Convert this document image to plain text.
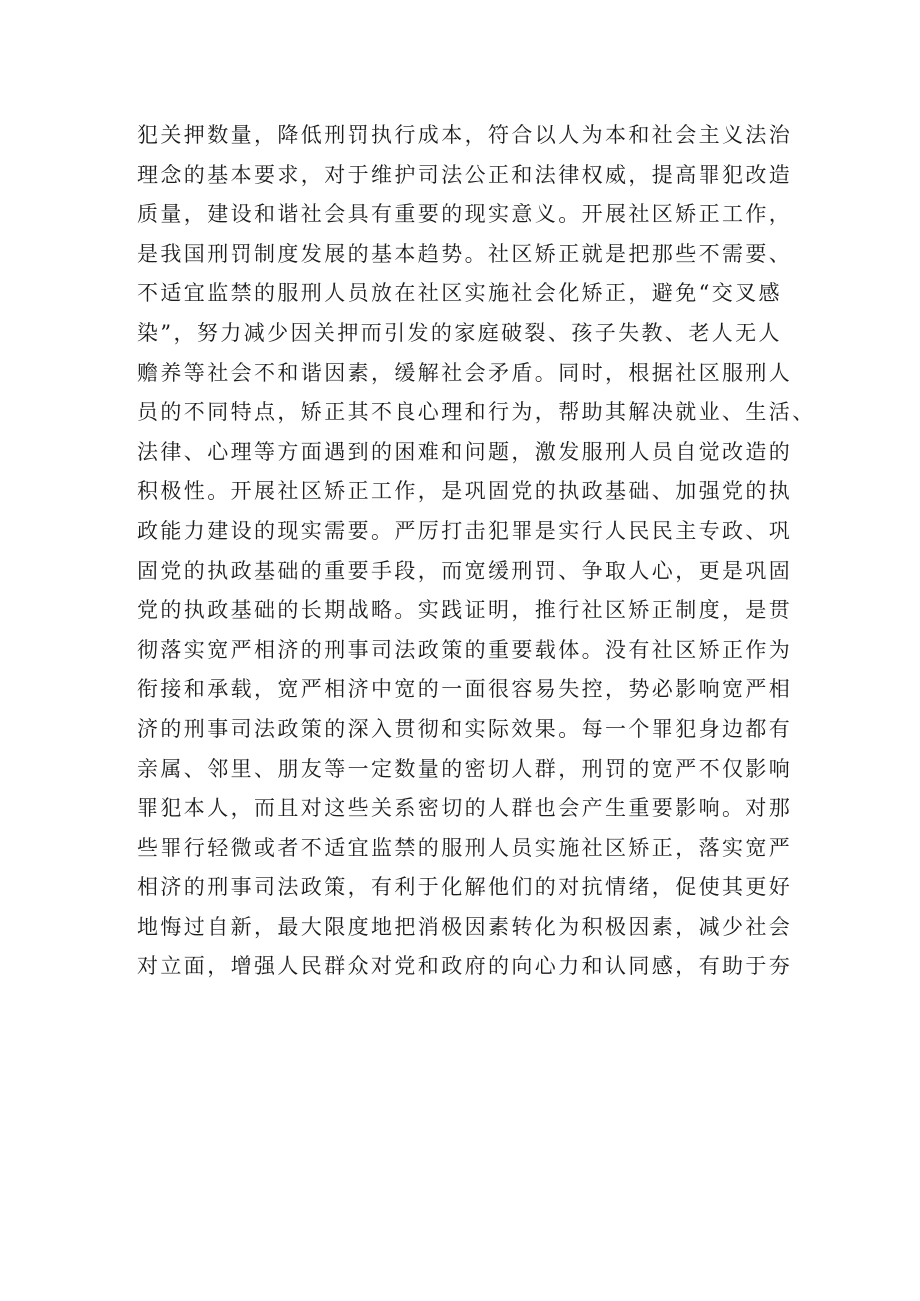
犯关押数量，降低刑罚执行成本，符合以人为本和社会主义法治
理念的基本要求，对于维护司法公正和法律权威，提高罪犯改造
质量，建设和谐社会具有重要的现实意义。开展社区矫正工作，
是我国刑罚制度发展的基本趋势。社区矫正就是把那些不需要、
不适宜监禁的服刑人员放在社区实施社会化矫正，避免“交叉感
染”，努力减少因关押而引发的家庭破裂、孩子失教、老人无人
赡养等社会不和谐因素，缓解社会矛盾。同时，根据社区服刑人
员的不同特点，矫正其不良心理和行为，帮助其解决就业、生活、
法律、心理等方面遇到的困难和问题，激发服刑人员自觉改造的
积极性。开展社区矫正工作，是巩固党的执政基础、加强党的执
政能力建设的现实需要。严厉打击犯罪是实行人民民主专政、巩
固党的执政基础的重要手段，而宽缓刑罚、争取人心，更是巩固
党的执政基础的长期战略。实践证明，推行社区矫正制度，是贯
彻落实宽严相济的刑事司法政策的重要载体。没有社区矫正作为
衔接和承载，宽严相济中宽的一面很容易失控，势必影响宽严相
济的刑事司法政策的深入贯彻和实际效果。每一个罪犯身边都有
亲属、邻里、朋友等一定数量的密切人群，刑罚的宽严不仅影响
罪犯本人，而且对这些关系密切的人群也会产生重要影响。对那
些罪行轻微或者不适宜监禁的服刑人员实施社区矫正，落实宽严
相济的刑事司法政策，有利于化解他们的对抗情绪，促使其更好
地悔过自新，最大限度地把消极因素转化为积极因素，减少社会
对立面，增强人民群众对党和政府的向心力和认同感，有助于夯
